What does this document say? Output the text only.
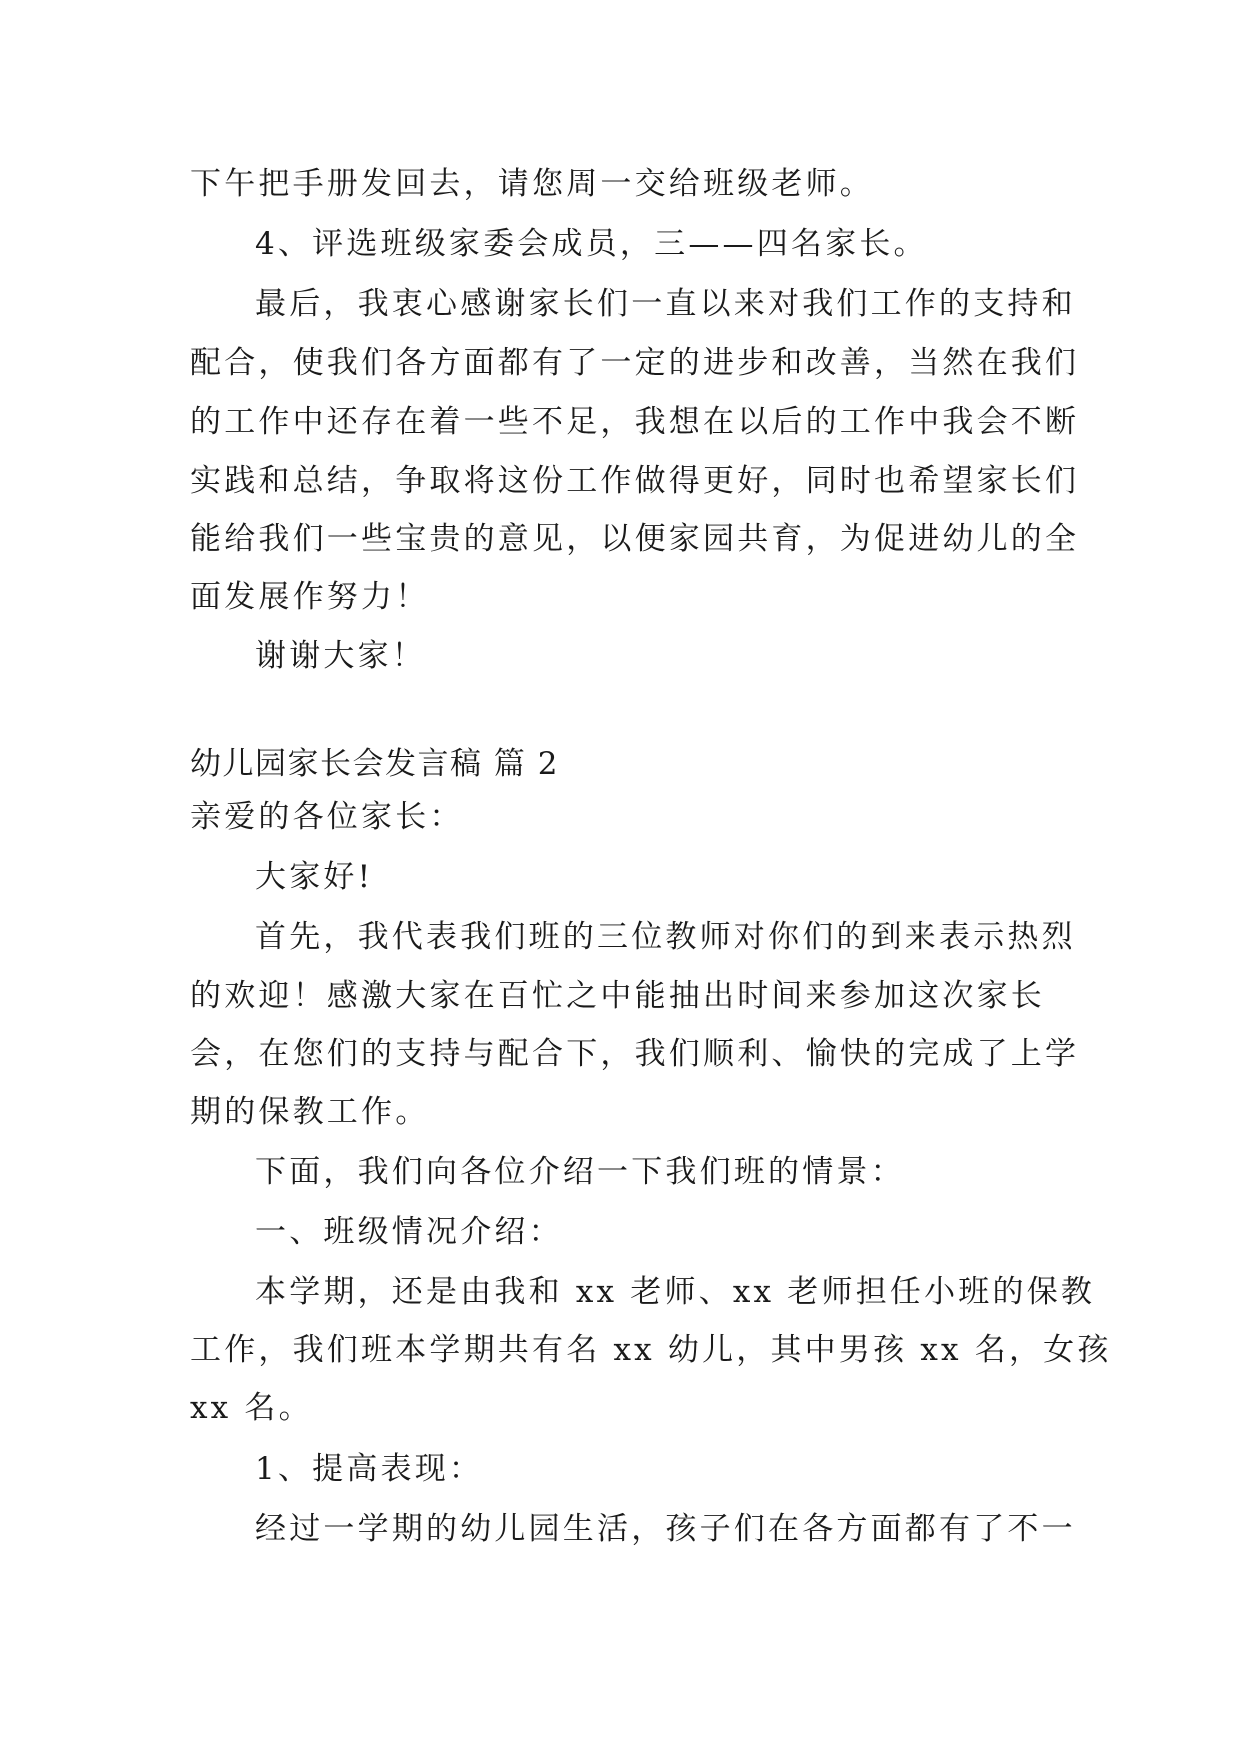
下午把手册发回去，请您周一交给班级老师。
4、评选班级家委会成员，三——四名家长。
最后，我衷心感谢家长们一直以来对我们工作的支持和
配合，使我们各方面都有了一定的进步和改善，当然在我们
的工作中还存在着一些不足，我想在以后的工作中我会不断
实践和总结，争取将这份工作做得更好，同时也希望家长们
能给我们一些宝贵的意见，以便家园共育，为促进幼儿的全
面发展作努力！
谢谢大家！
幼儿园家长会发言稿 篇 2
亲爱的各位家长：
大家好!
首先，我代表我们班的三位教师对你们的到来表示热烈
的欢迎！感激大家在百忙之中能抽出时间来参加这次家长
会，在您们的支持与配合下，我们顺利、愉快的完成了上学
期的保教工作。
下面，我们向各位介绍一下我们班的情景：
一、班级情况介绍：
本学期，还是由我和 xx 老师、xx 老师担任小班的保教
工作，我们班本学期共有名 xx 幼儿，其中男孩 xx 名，女孩
xx 名。
1、提高表现：
经过一学期的幼儿园生活，孩子们在各方面都有了不一
